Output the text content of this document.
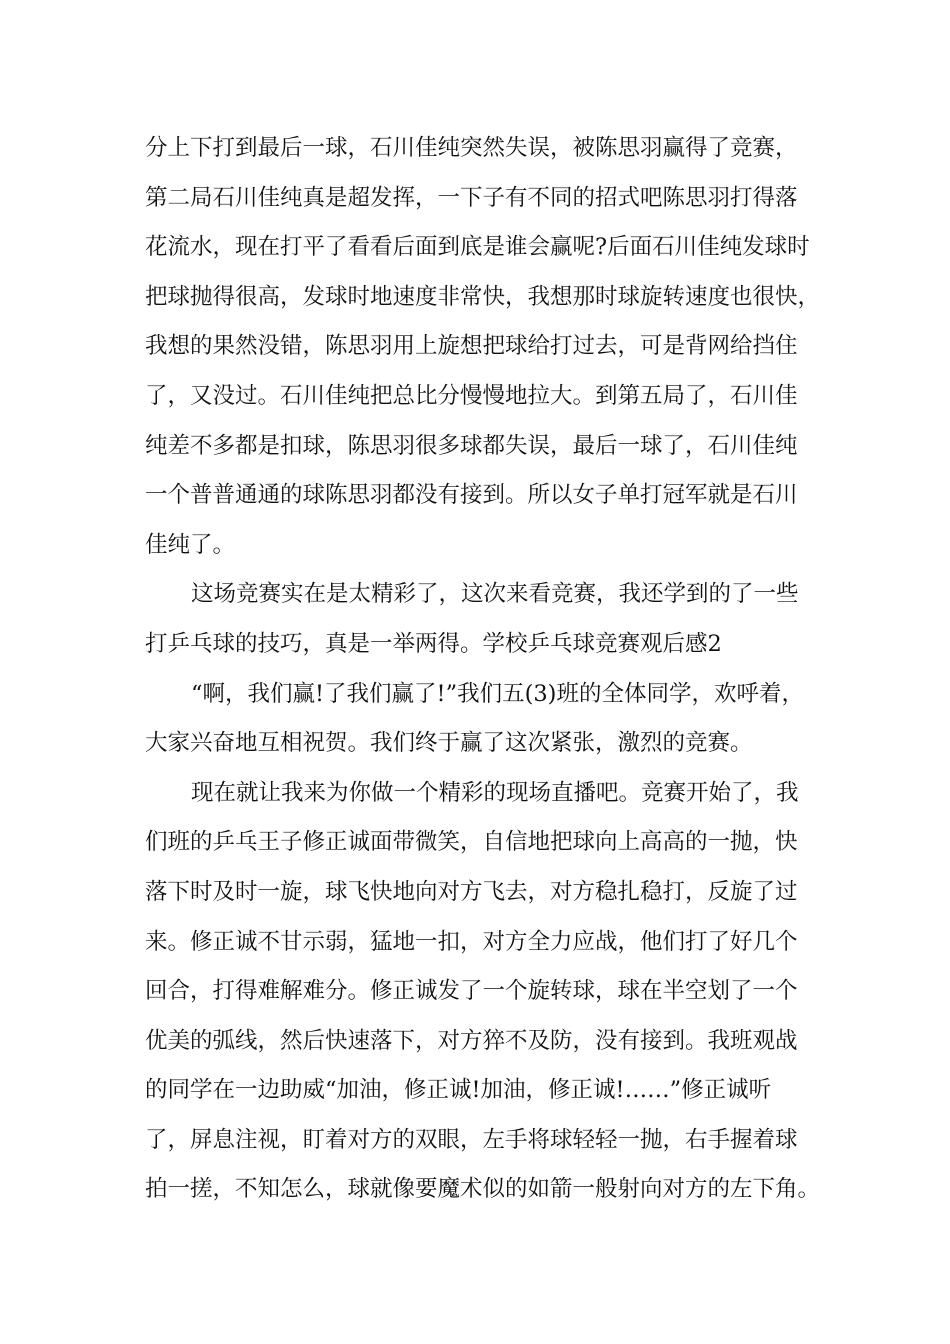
分上下打到最后一球，石川佳纯突然失误，被陈思羽赢得了竞赛，
第二局石川佳纯真是超发挥，一下子有不同的招式吧陈思羽打得落
花流水，现在打平了看看后面到底是谁会赢呢?后面石川佳纯发球时
把球抛得很高，发球时地速度非常快，我想那时球旋转速度也很快，
我想的果然没错，陈思羽用上旋想把球给打过去，可是背网给挡住
了，又没过。石川佳纯把总比分慢慢地拉大。到第五局了，石川佳
纯差不多都是扣球，陈思羽很多球都失误，最后一球了，石川佳纯
一个普普通通的球陈思羽都没有接到。所以女子单打冠军就是石川
佳纯了。
这场竞赛实在是太精彩了，这次来看竞赛，我还学到的了一些
打乒乓球的技巧，真是一举两得。学校乒乓球竞赛观后感2
“啊，我们赢!了我们赢了!”我们五(3)班的全体同学，欢呼着，
大家兴奋地互相祝贺。我们终于赢了这次紧张，激烈的竞赛。
现在就让我来为你做一个精彩的现场直播吧。竞赛开始了，我
们班的乒乓王子修正诚面带微笑，自信地把球向上高高的一抛，快
落下时及时一旋，球飞快地向对方飞去，对方稳扎稳打，反旋了过
来。修正诚不甘示弱，猛地一扣，对方全力应战，他们打了好几个
回合，打得难解难分。修正诚发了一个旋转球，球在半空划了一个
优美的弧线，然后快速落下，对方猝不及防，没有接到。我班观战
的同学在一边助威“加油，修正诚!加油，修正诚!……”修正诚听
了，屏息注视，盯着对方的双眼，左手将球轻轻一抛，右手握着球
拍一搓，不知怎么，球就像要魔术似的如箭一般射向对方的左下角。
